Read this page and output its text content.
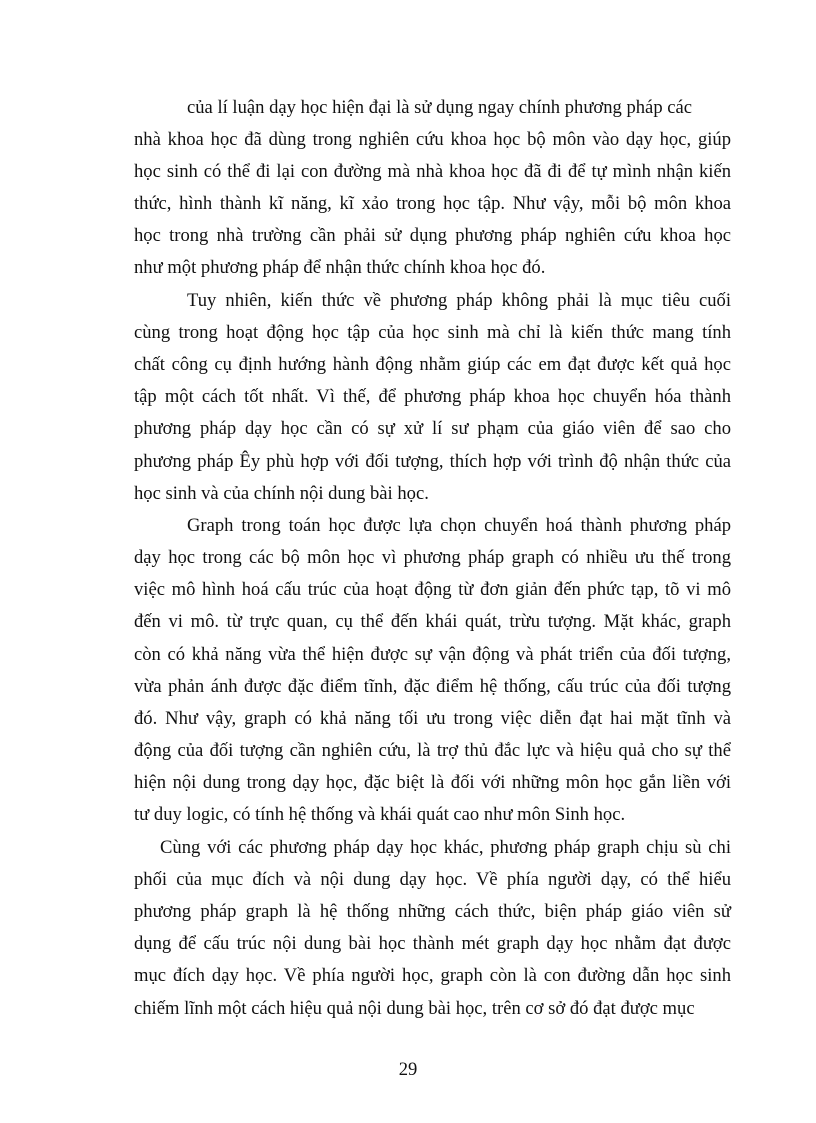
của lí luận dạy học hiện đại là sử dụng ngay chính phương pháp các
nhà khoa học đã dùng trong nghiên cứu khoa học bộ môn vào dạy học, giúp
học sinh có thể đi lại con đường mà nhà khoa học đã đi để tự mình nhận kiến
thức, hình thành kĩ năng, kĩ xảo trong học tập. Như vậy, mỗi bộ môn khoa
học trong nhà trường cần phải sử dụng phương pháp nghiên cứu khoa học
như một phương pháp để nhận thức chính khoa học đó.
Tuy nhiên, kiến thức về phương pháp không phải là mục tiêu cuối
cùng trong hoạt động học tập của học sinh mà chỉ là kiến thức mang tính
chất công cụ định hướng hành động nhằm giúp các em đạt được kết quả học
tập một cách tốt nhất. Vì thế, để phương pháp khoa học chuyển hóa thành
phương pháp dạy học cần có sự xử lí sư phạm của giáo viên để sao cho
phương pháp Êy phù hợp với đối tượng, thích hợp với trình độ nhận thức của
học sinh và của chính nội dung bài học.
Graph trong toán học được lựa chọn chuyển hoá thành phương pháp
dạy học trong các bộ môn học vì phương pháp graph có nhiều ưu thế trong
việc mô hình hoá cấu trúc của hoạt động từ đơn giản đến phức tạp, tõ vi mô
đến vi mô. từ trực quan, cụ thể đến khái quát, trừu tượng. Mặt khác, graph
còn có khả năng vừa thể hiện được sự vận động và phát triển của đối tượng,
vừa phản ánh được đặc điểm tĩnh, đặc điểm hệ thống, cấu trúc của đối tượng
đó. Như vậy, graph có khả năng tối ưu trong việc diễn đạt hai mặt tĩnh và
động của đối tượng cần nghiên cứu, là trợ thủ đắc lực và hiệu quả cho sự thể
hiện nội dung trong dạy học, đặc biệt là đối với những môn học gắn liền với
tư duy logic, có tính hệ thống và khái quát cao như môn Sinh học.
Cùng với các phương pháp dạy học khác, phương pháp graph chịu sù chi
phối của mục đích và nội dung dạy học. Về phía người dạy, có thể hiểu
phương pháp graph là hệ thống những cách thức, biện pháp giáo viên sử
dụng để cấu trúc nội dung bài học thành mét graph dạy học nhằm đạt được
mục đích dạy học. Về phía người học, graph còn là con đường dẫn học sinh
chiếm lĩnh một cách hiệu quả nội dung bài học, trên cơ sở đó đạt được mục
29
